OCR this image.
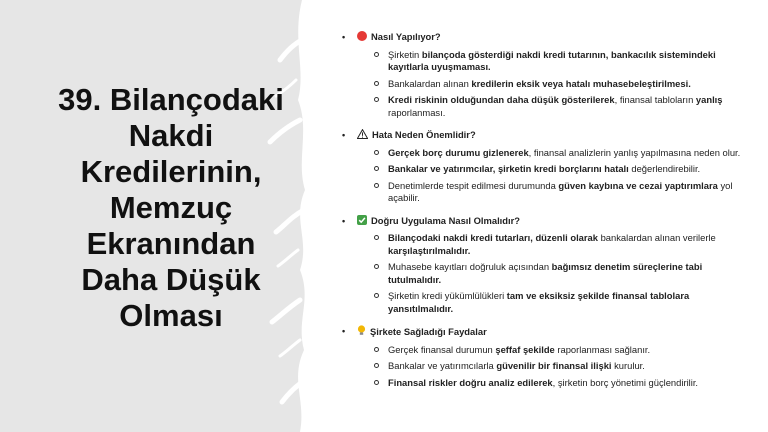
39. Bilançodaki
Nakdi
Kredilerinin,
Memzuç
Ekranından
Daha Düşük
Olması
•	Nasıl Yapılıyor?
Şirketin bilançoda gösterdiği nakdi kredi tutarının, bankacılık sistemindeki kayıtlarla uyuşmaması.
Bankalardan alınan kredilerin eksik veya hatalı muhasebeleştirilmesi.
Kredi riskinin olduğundan daha düşük gösterilerek, finansal tabloların yanlış raporlanması.
•	Hata Neden Önemlidir?
Gerçek borç durumu gizlenerek, finansal analizlerin yanlış yapılmasına neden olur.
Bankalar ve yatırımcılar, şirketin kredi borçlarını hatalı değerlendirebilir.
Denetimlerde tespit edilmesi durumunda güven kaybına ve cezai yaptırımlara yol açabilir.
•	Doğru Uygulama Nasıl Olmalıdır?
Bilançodaki nakdi kredi tutarları, düzenli olarak bankalardan alınan verilerle karşılaştırılmalıdır.
Muhasebe kayıtları doğruluk açısından bağımsız denetim süreçlerine tabi tutulmalıdır.
Şirketin kredi yükümlülükleri tam ve eksiksiz şekilde finansal tablolara yansıtılmalıdır.
•	Şirkete Sağladığı Faydalar
Gerçek finansal durumun şeffaf şekilde raporlanması sağlanır.
Bankalar ve yatırımcılarla güvenilir bir finansal ilişki kurulur.
Finansal riskler doğru analiz edilerek, şirketin borç yönetimi güçlendirilir.
